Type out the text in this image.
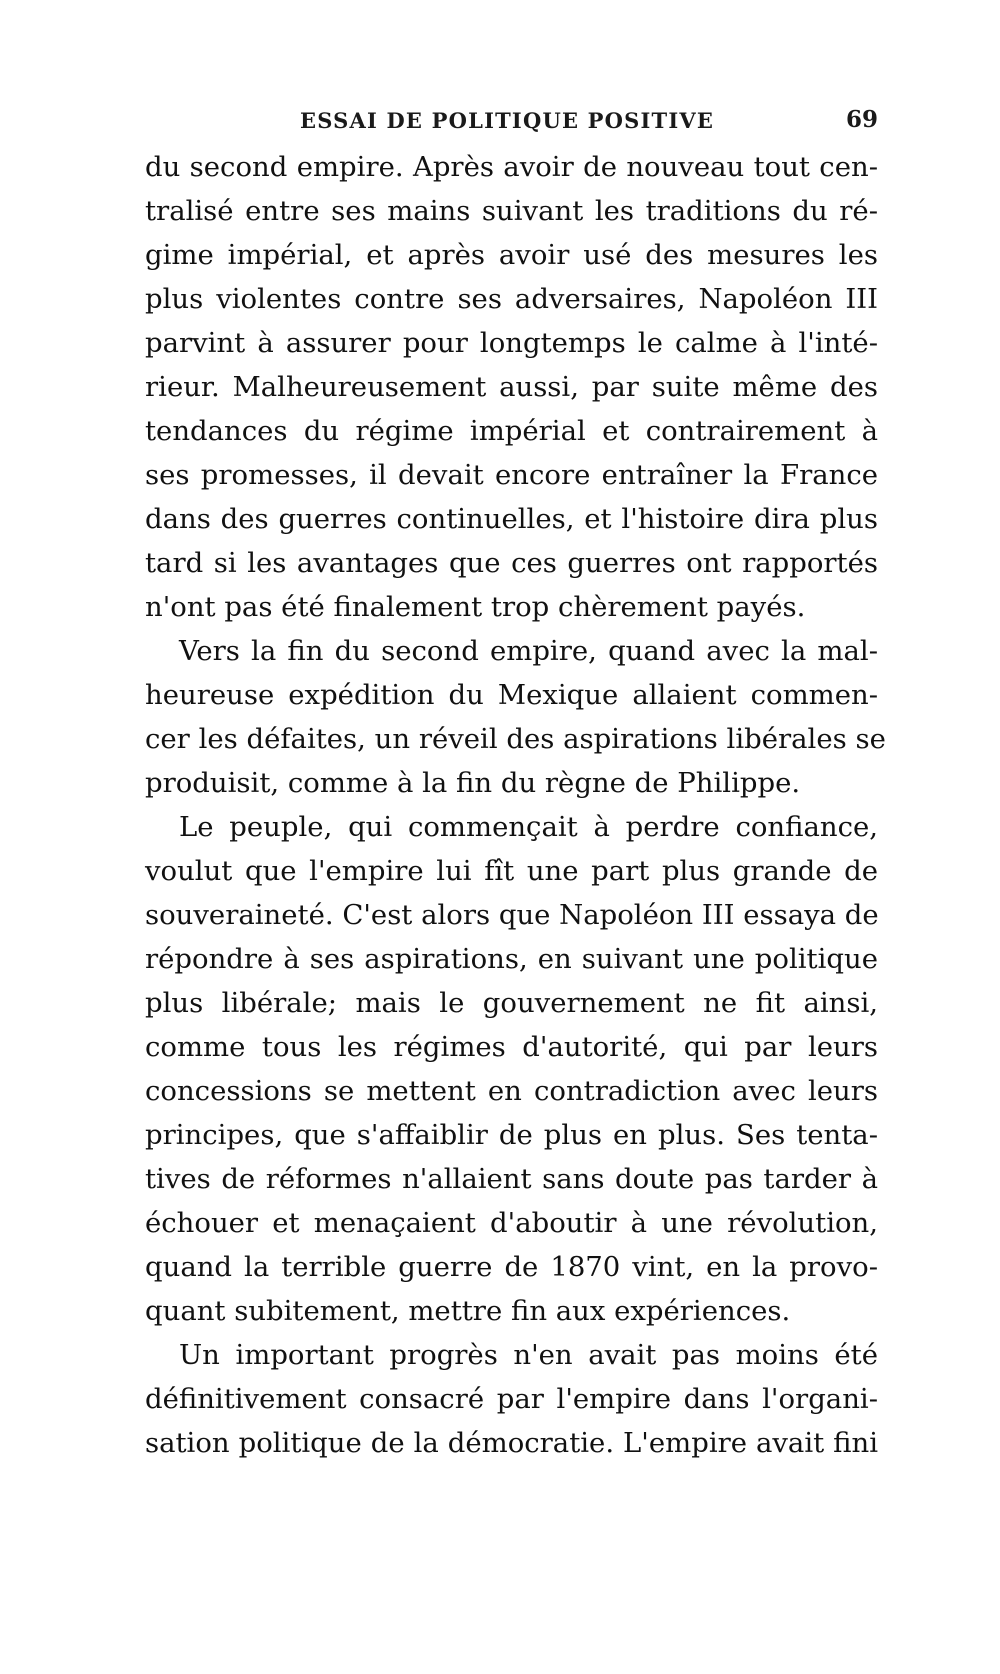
ESSAI DE POLITIQUE POSITIVE	69
du second empire. Après avoir de nouveau tout cen-
tralisé entre ses mains suivant les traditions du ré-
gime impérial, et après avoir usé des mesures les
plus violentes contre ses adversaires, Napoléon III
parvint à assurer pour longtemps le calme à l'inté-
rieur. Malheureusement aussi, par suite même des
tendances du régime impérial et contrairement à
ses promesses, il devait encore entraîner la France
dans des guerres continuelles, et l'histoire dira plus
tard si les avantages que ces guerres ont rapportés
n'ont pas été finalement trop chèrement payés.
Vers la fin du second empire, quand avec la mal-
heureuse expédition du Mexique allaient commen-
cer les défaites, un réveil des aspirations libérales se
produisit, comme à la fin du règne de Philippe.
Le peuple, qui commençait à perdre confiance,
voulut que l'empire lui fît une part plus grande de
souveraineté. C'est alors que Napoléon III essaya de
répondre à ses aspirations, en suivant une politique
plus libérale; mais le gouvernement ne fit ainsi,
comme tous les régimes d'autorité, qui par leurs
concessions se mettent en contradiction avec leurs
principes, que s'affaiblir de plus en plus. Ses tenta-
tives de réformes n'allaient sans doute pas tarder à
échouer et menaçaient d'aboutir à une révolution,
quand la terrible guerre de 1870 vint, en la provo-
quant subitement, mettre fin aux expériences.
Un important progrès n'en avait pas moins été
définitivement consacré par l'empire dans l'organi-
sation politique de la démocratie. L'empire avait fini
